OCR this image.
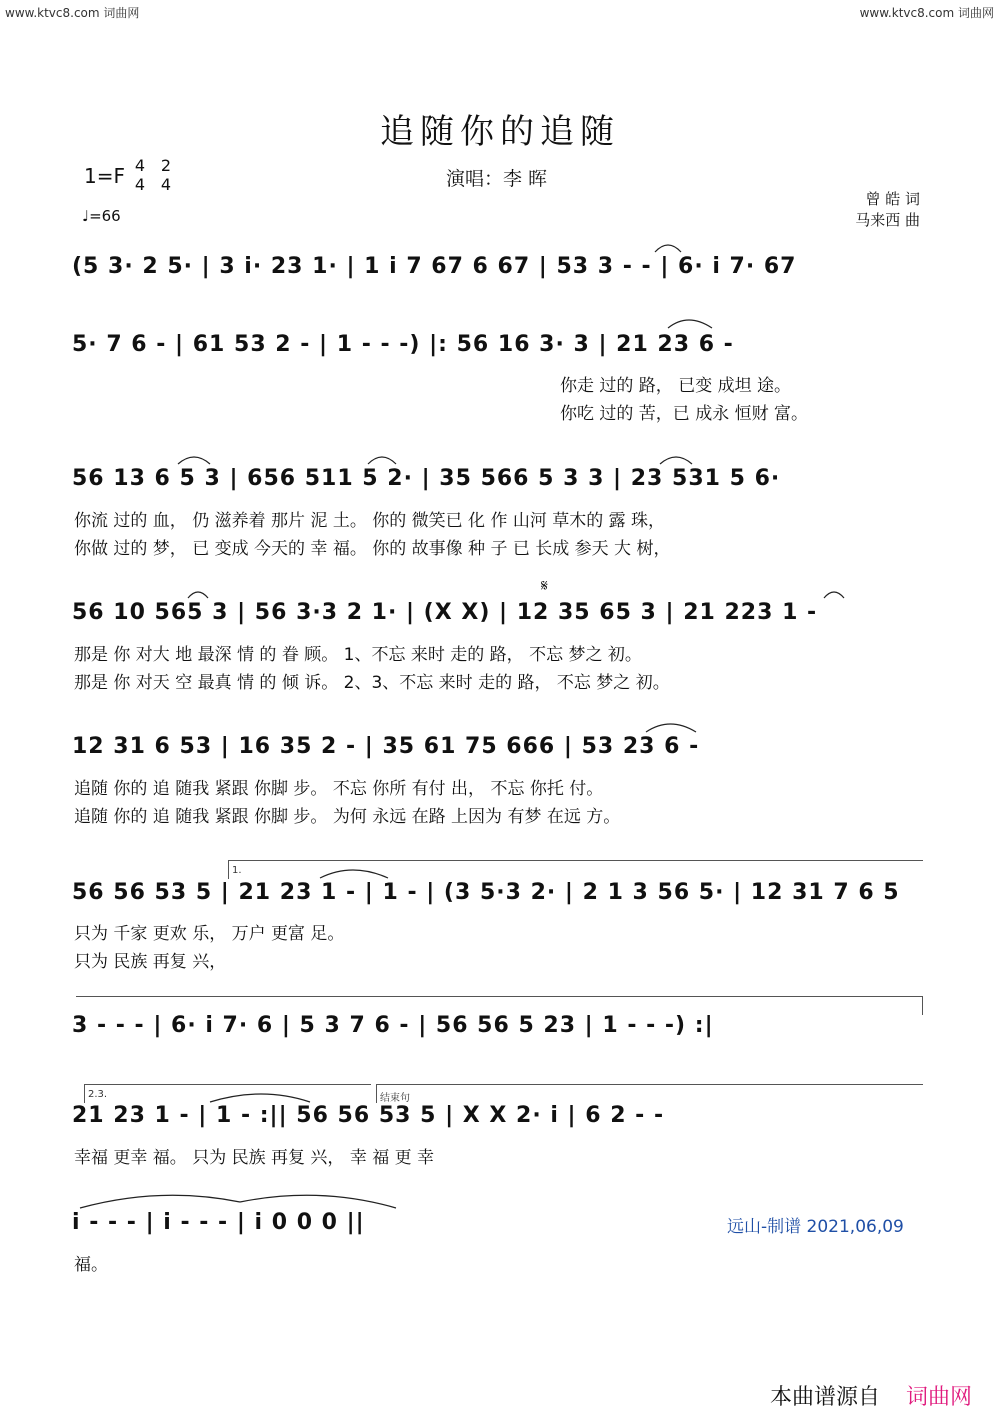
www.ktvc8.com 词曲网	www.ktvc8.com 词曲网
追随你的追随
1=F 4
4
2
4
♩=66
演唱：李 晖
曾 皓 词
马来西 曲
(5 3· 2 5· | 3 i· 23 1· | 1 i 7 67 6 67 | 53 3 - - | 6· i 7· 67
5· 7 6 - | 61 53 2 - | 1 - - -) |: 56 16 3· 3 | 21 23 6 -
你走 过的 路， 已变 成坦 途。
你吃 过的 苦，已 成永 恒财 富。
56 13 6 5 3 | 656 511 5 2· | 35 566 5 3 3 | 23 531 5 6·
你流 过的 血， 仍 滋养着 那片 泥 土。 你的 微笑已 化 作 山河 草木的 露 珠，
你做 过的 梦， 已 变成 今天的 幸 福。 你的 故事像 种 子 已 长成 参天 大 树，
𝄋
56 10 565 3 | 56 3·3 2 1· | (X X) | 12 35 65 3 | 21 223 1 -
那是 你 对大 地 最深 情 的 眷 顾。 1、不忘 来时 走的 路， 不忘 梦之 初。
那是 你 对天 空 最真 情 的 倾 诉。 2、3、不忘 来时 走的 路， 不忘 梦之 初。
12 31 6 53 | 16 35 2 - | 35 61 75 666 | 53 23 6 -
追随 你的 追 随我 紧跟 你脚 步。 不忘 你所 有付 出， 不忘 你托 付。
追随 你的 追 随我 紧跟 你脚 步。 为何 永远 在路 上因为 有梦 在远 方。
1.
56 56 53 5 | 21 23 1 - | 1 - | (3 5·3 2· | 2 1 3 56 5· | 12 31 7 6 5
只为 千家 更欢 乐， 万户 更富 足。
只为 民族 再复 兴，
3 - - - | 6· i 7· 6 | 5 3 7 6 - | 56 56 5 23 | 1 - - -) :|
2.3.	结束句
21 23 1 - | 1 - :|| 56 56 53 5 | X X 2· i | 6 2 - -
幸福 更幸 福。 只为 民族 再复 兴， 幸 福 更 幸
i - - - | i - - - | i 0 0 0 ||
福。
远山-制谱 2021,06,09
本曲谱源自 词曲网
